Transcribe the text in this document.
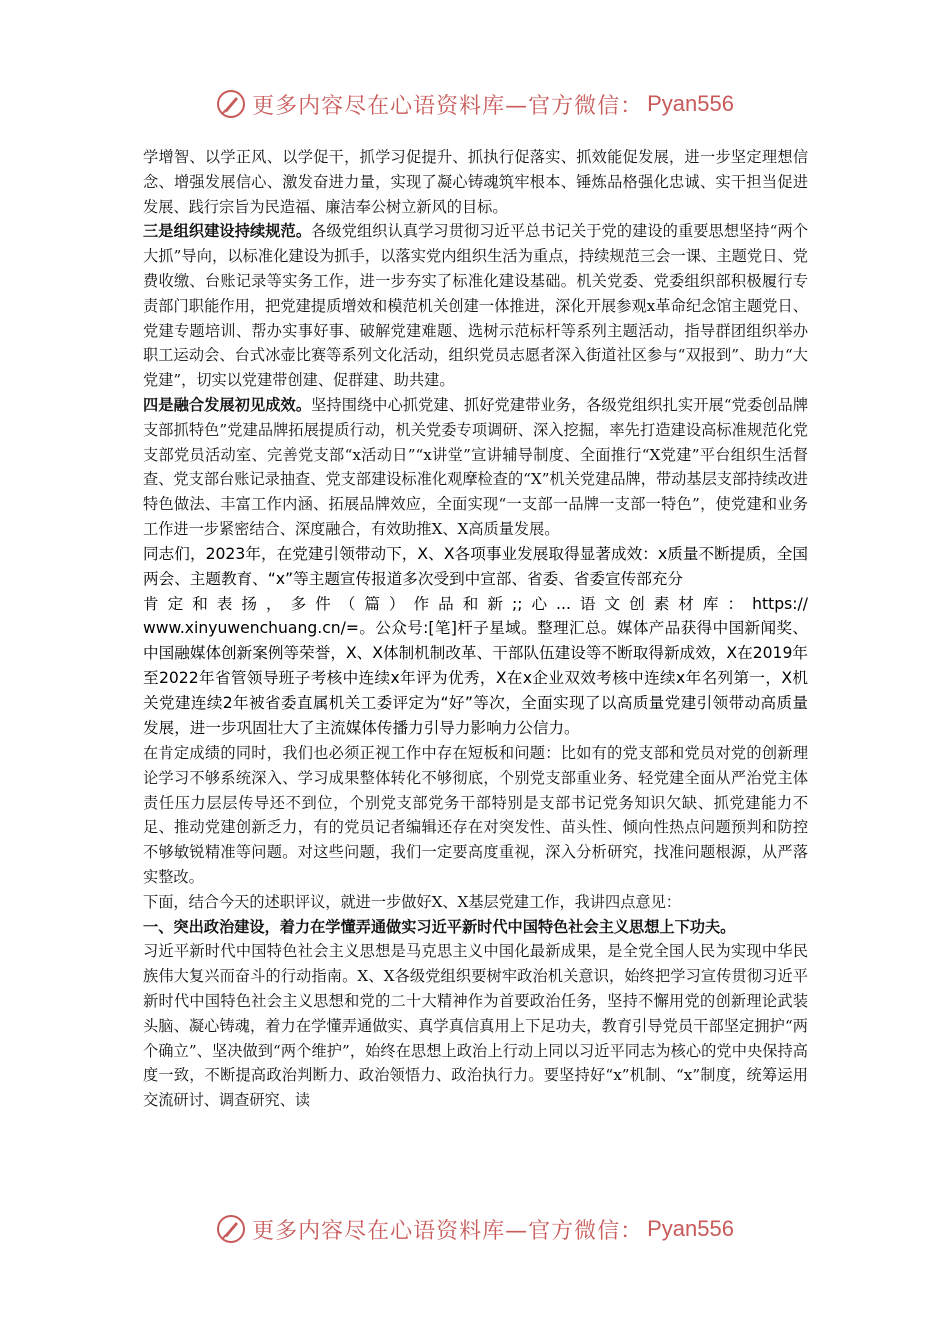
更多内容尽在心语资料库—官方微信： Pyan556

学增智、以学正风、以学促干，抓学习促提升、抓执行促落实、抓效能促发展，进一步坚定理想信念、增强发展信心、激发奋进力量，实现了凝心铸魂筑牢根本、锤炼品格强化忠诚、实干担当促进发展、践行宗旨为民造福、廉洁奉公树立新风的目标。

三是组织建设持续规范。各级党组织认真学习贯彻习近平总书记关于党的建设的重要思想坚持“两个大抓”导向，以标准化建设为抓手，以落实党内组织生活为重点，持续规范三会一课、主题党日、党费收缴、台账记录等实务工作，进一步夯实了标准化建设基础。机关党委、党委组织部积极履行专责部门职能作用，把党建提质增效和模范机关创建一体推进，深化开展参观x革命纪念馆主题党日、党建专题培训、帮办实事好事、破解党建难题、选树示范标杆等系列主题活动，指导群团组织举办职工运动会、台式冰壶比赛等系列文化活动，组织党员志愿者深入街道社区参与“双报到”、助力“大党建”，切实以党建带创建、促群建、助共建。

四是融合发展初见成效。坚持围绕中心抓党建、抓好党建带业务，各级党组织扎实开展“党委创品牌支部抓特色”党建品牌拓展提质行动，机关党委专项调研、深入挖掘，率先打造建设高标准规范化党支部党员活动室、完善党支部“x活动日”“x讲堂”宣讲辅导制度、全面推行“X党建”平台组织生活督查、党支部台账记录抽查、党支部建设标准化观摩检查的“X”机关党建品牌，带动基层支部持续改进特色做法、丰富工作内涵、拓展品牌效应，全面实现“一支部一品牌一支部一特色”，使党建和业务工作进一步紧密结合、深度融合，有效助推X、X高质量发展。

同志们，2023年，在党建引领带动下，X、X各项事业发展取得显著成效：x质量不断提质，全国两会、主题教育、“x”等主题宣传报道多次受到中宣部、省委、省委宣传部充分

肯定和表扬，多件（篇）作品和新;;心...语文创素材库：https://

www.xinyuwenchuang.cn/=。公众号:[笔]杆子星域。整理汇总。媒体产品获得中国新闻奖、中国融媒体创新案例等荣誉，X、X体制机制改革、干部队伍建设等不断取得新成效，X在2019年至2022年省管领导班子考核中连续x年评为优秀，X在x企业双效考核中连续x年名列第一，X机关党建连续2年被省委直属机关工委评定为“好”等次，全面实现了以高质量党建引领带动高质量发展，进一步巩固壮大了主流媒体传播力引导力影响力公信力。

在肯定成绩的同时，我们也必须正视工作中存在短板和问题：比如有的党支部和党员对党的创新理论学习不够系统深入、学习成果整体转化不够彻底，个别党支部重业务、轻党建全面从严治党主体责任压力层层传导还不到位，个别党支部党务干部特别是支部书记党务知识欠缺、抓党建能力不足、推动党建创新乏力，有的党员记者编辑还存在对突发性、苗头性、倾向性热点问题预判和防控不够敏锐精准等问题。对这些问题，我们一定要高度重视，深入分析研究，找准问题根源，从严落实整改。

下面，结合今天的述职评议，就进一步做好X、X基层党建工作，我讲四点意见：

一、突出政治建设，着力在学懂弄通做实习近平新时代中国特色社会主义思想上下功夫。

习近平新时代中国特色社会主义思想是马克思主义中国化最新成果，是全党全国人民为实现中华民族伟大复兴而奋斗的行动指南。X、X各级党组织要树牢政治机关意识，始终把学习宣传贯彻习近平新时代中国特色社会主义思想和党的二十大精神作为首要政治任务，坚持不懈用党的创新理论武装头脑、凝心铸魂，着力在学懂弄通做实、真学真信真用上下足功夫，教育引导党员干部坚定拥护“两个确立”、坚决做到“两个维护”，始终在思想上政治上行动上同以习近平同志为核心的党中央保持高度一致，不断提高政治判断力、政治领悟力、政治执行力。要坚持好“x”机制、“x”制度，统筹运用交流研讨、调查研究、读

更多内容尽在心语资料库—官方微信： Pyan556
